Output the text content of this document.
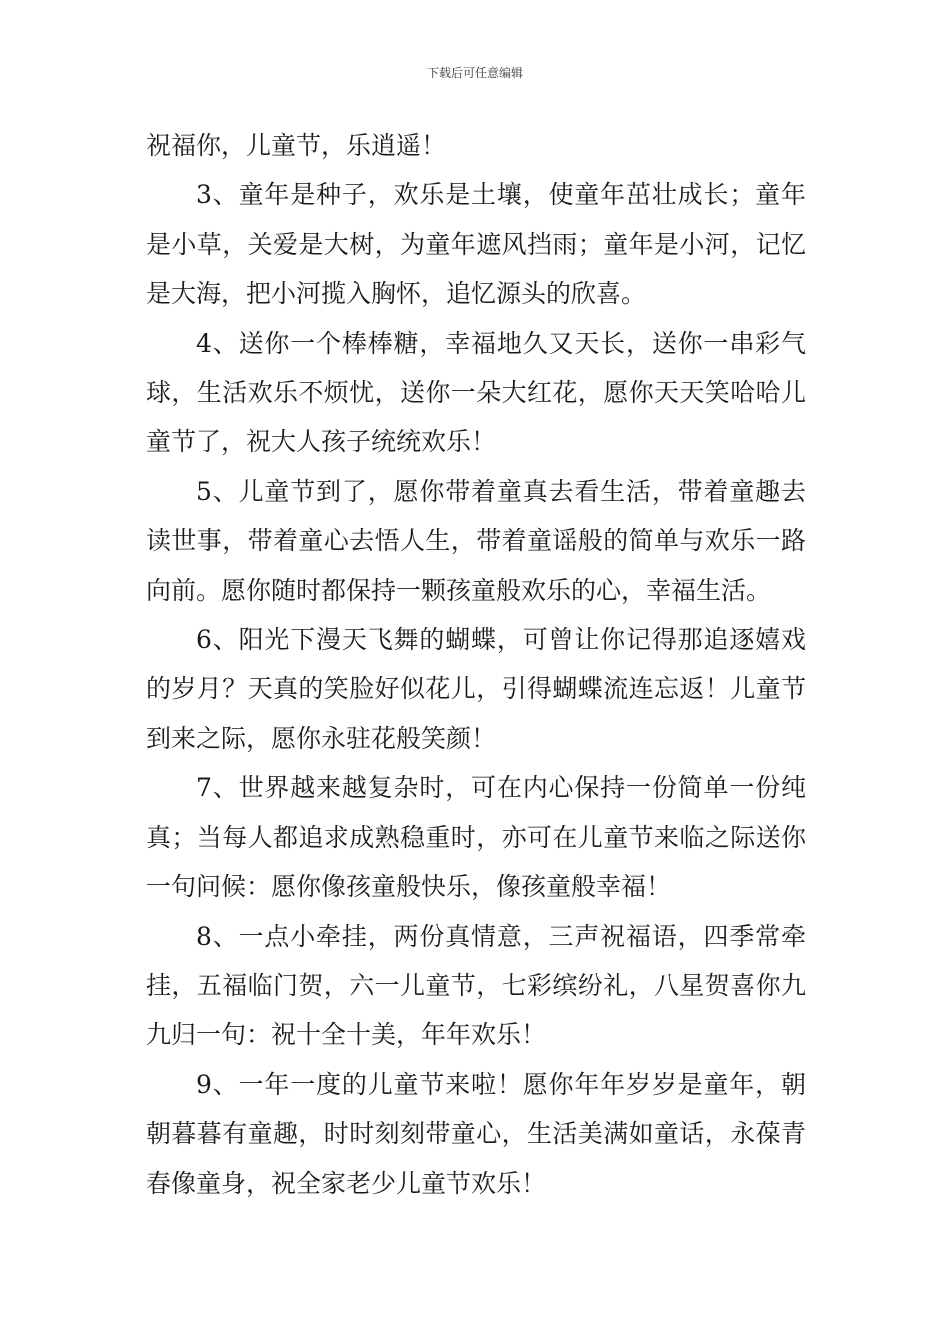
下载后可任意编辑

祝福你，儿童节，乐逍遥！

3、童年是种子，欢乐是土壤，使童年茁壮成长；童年是小草，关爱是大树，为童年遮风挡雨；童年是小河，记忆是大海，把小河揽入胸怀，追忆源头的欣喜。

4、送你一个棒棒糖，幸福地久又天长，送你一串彩气球，生活欢乐不烦忧，送你一朵大红花，愿你天天笑哈哈儿童节了，祝大人孩子统统欢乐！

5、儿童节到了，愿你带着童真去看生活，带着童趣去读世事，带着童心去悟人生，带着童谣般的简单与欢乐一路向前。愿你随时都保持一颗孩童般欢乐的心，幸福生活。

6、阳光下漫天飞舞的蝴蝶，可曾让你记得那追逐嬉戏的岁月？天真的笑脸好似花儿，引得蝴蝶流连忘返！儿童节到来之际，愿你永驻花般笑颜！

7、世界越来越复杂时，可在内心保持一份简单一份纯真；当每人都追求成熟稳重时，亦可在儿童节来临之际送你一句问候：愿你像孩童般快乐，像孩童般幸福！

8、一点小牵挂，两份真情意，三声祝福语，四季常牵挂，五福临门贺，六一儿童节，七彩缤纷礼，八星贺喜你九九归一句：祝十全十美，年年欢乐！

9、一年一度的儿童节来啦！愿你年年岁岁是童年，朝朝暮暮有童趣，时时刻刻带童心，生活美满如童话，永葆青春像童身，祝全家老少儿童节欢乐！
